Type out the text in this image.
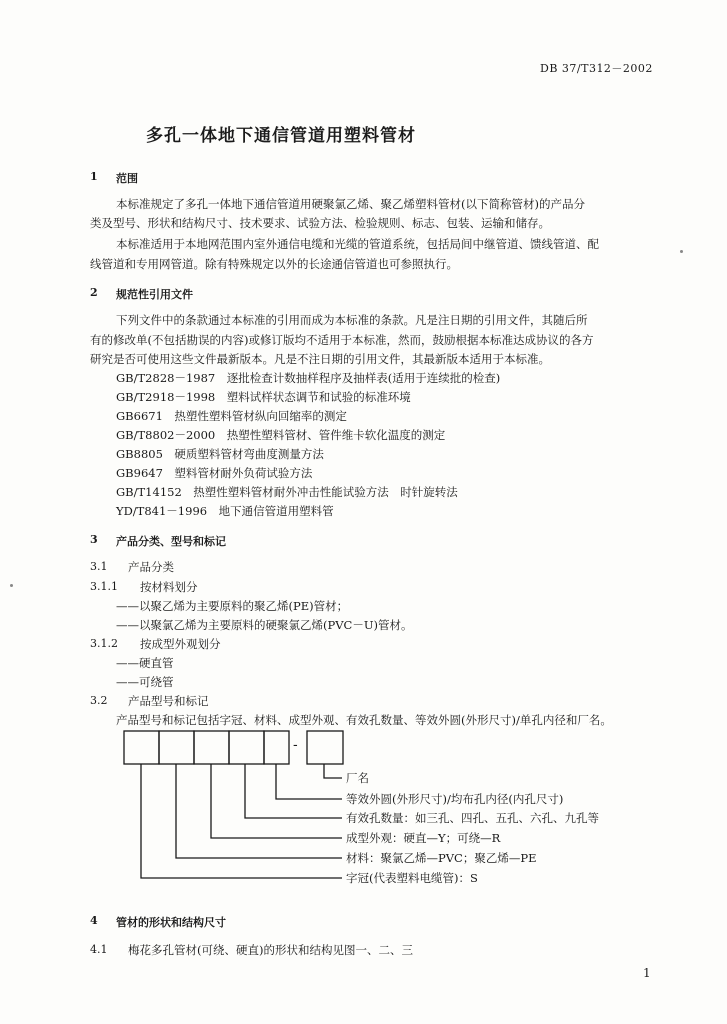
DB 37/T312－2002
多孔一体地下通信管道用塑料管材
1 范围
本标准规定了多孔一体地下通信管道用硬聚氯乙烯、聚乙烯塑料管材(以下简称管材)的产品分
类及型号、形状和结构尺寸、技术要求、试验方法、检验规则、标志、包装、运输和储存。
本标准适用于本地网范围内室外通信电缆和光缆的管道系统，包括局间中继管道、馈线管道、配
线管道和专用网管道。除有特殊规定以外的长途通信管道也可参照执行。
2 规范性引用文件
下列文件中的条款通过本标准的引用而成为本标准的条款。凡是注日期的引用文件，其随后所
有的修改单(不包括勘误的内容)或修订版均不适用于本标准，然而，鼓励根据本标准达成协议的各方
研究是否可使用这些文件最新版本。凡是不注日期的引用文件，其最新版本适用于本标准。
GB/T2828－1987　逐批检查计数抽样程序及抽样表(适用于连续批的检查)
GB/T2918－1998　塑料试样状态调节和试验的标准环境
GB6671　热塑性塑料管材纵向回缩率的测定
GB/T8802－2000　热塑性塑料管材、管件维卡软化温度的测定
GB8805　硬质塑料管材弯曲度测量方法
GB9647　塑料管材耐外负荷试验方法
GB/T14152　热塑性塑料管材耐外冲击性能试验方法　时针旋转法
YD/T841－1996　地下通信管道用塑料管
3 产品分类、型号和标记
3.1 产品分类
3.1.1 按材料划分
——以聚乙烯为主要原料的聚乙烯(PE)管材；
——以聚氯乙烯为主要原料的硬聚氯乙烯(PVC－U)管材。
3.1.2 按成型外观划分
——硬直管
——可绕管
3.2 产品型号和标记
产品型号和标记包括字冠、材料、成型外观、有效孔数量、等效外圆(外形尺寸)/单孔内径和厂名。
-
厂名
等效外圆(外形尺寸)/均布孔内径(内孔尺寸)
有效孔数量：如三孔、四孔、五孔、六孔、九孔等
成型外观：硬直—Y；可绕—R
材料：聚氯乙烯—PVC；聚乙烯—PE
字冠(代表塑料电缆管)：S
4 管材的形状和结构尺寸
4.1 梅花多孔管材(可绕、硬直)的形状和结构见图一、二、三
1
